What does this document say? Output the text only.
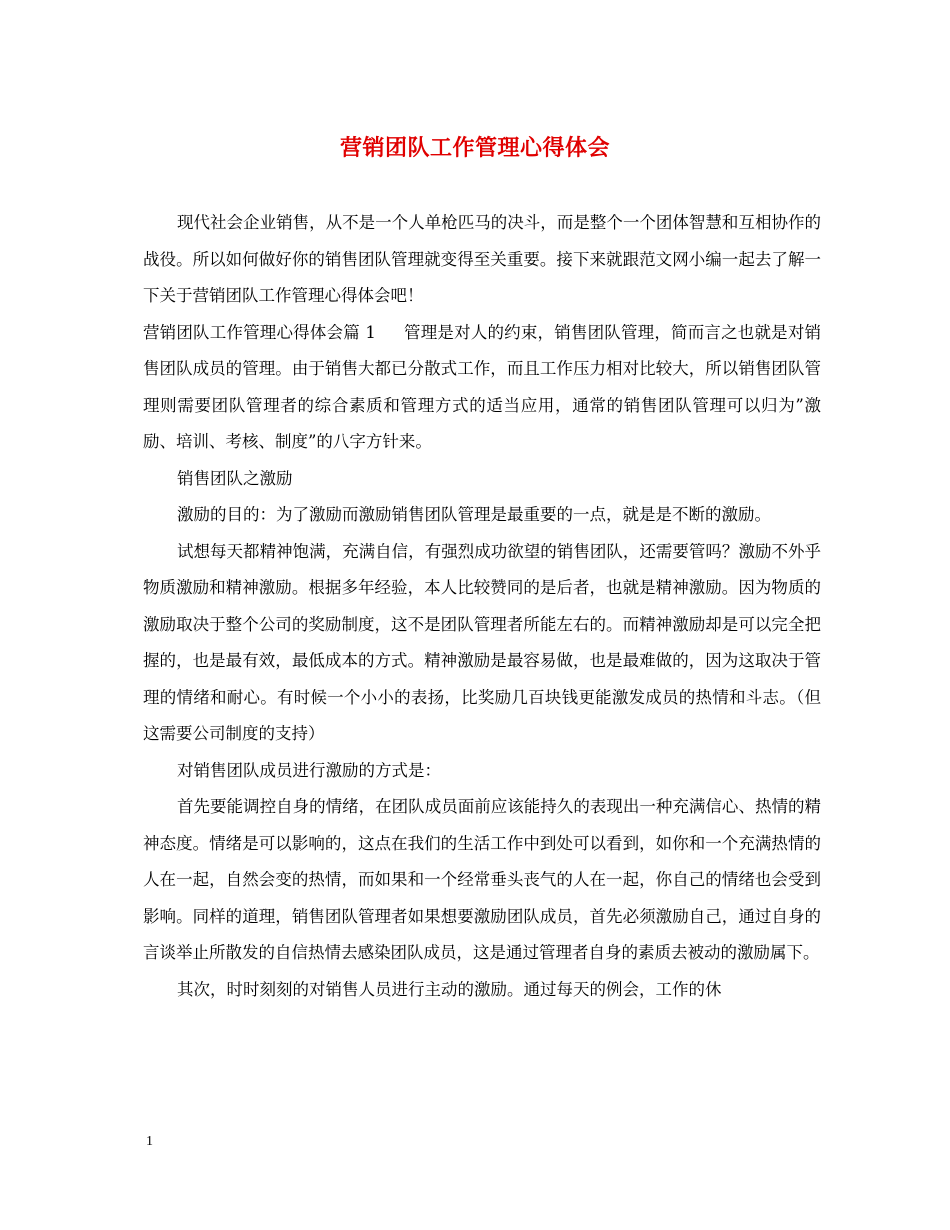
营销团队工作管理心得体会

现代社会企业销售，从不是一个人单枪匹马的决斗，而是整个一个团体智慧和互相协作的战役。所以如何做好你的销售团队管理就变得至关重要。接下来就跟范文网小编一起去了解一下关于营销团队工作管理心得体会吧！

营销团队工作管理心得体会篇 1 管理是对人的约束，销售团队管理，简而言之也就是对销售团队成员的管理。由于销售大都已分散式工作，而且工作压力相对比较大，所以销售团队管理则需要团队管理者的综合素质和管理方式的适当应用，通常的销售团队管理可以归为”激励、培训、考核、制度”的八字方针来。

销售团队之激励

激励的目的：为了激励而激励销售团队管理是最重要的一点，就是是不断的激励。

试想每天都精神饱满，充满自信，有强烈成功欲望的销售团队，还需要管吗？激励不外乎物质激励和精神激励。根据多年经验，本人比较赞同的是后者，也就是精神激励。因为物质的激励取决于整个公司的奖励制度，这不是团队管理者所能左右的。而精神激励却是可以完全把握的，也是最有效，最低成本的方式。精神激励是最容易做，也是最难做的，因为这取决于管理的情绪和耐心。有时候一个小小的表扬，比奖励几百块钱更能激发成员的热情和斗志。（但这需要公司制度的支持）

对销售团队成员进行激励的方式是：

首先要能调控自身的情绪，在团队成员面前应该能持久的表现出一种充满信心、热情的精神态度。情绪是可以影响的，这点在我们的生活工作中到处可以看到，如你和一个充满热情的人在一起，自然会变的热情，而如果和一个经常垂头丧气的人在一起，你自己的情绪也会受到影响。同样的道理，销售团队管理者如果想要激励团队成员，首先必须激励自己，通过自身的言谈举止所散发的自信热情去感染团队成员，这是通过管理者自身的素质去被动的激励属下。

其次，时时刻刻的对销售人员进行主动的激励。通过每天的例会，工作的休

1
